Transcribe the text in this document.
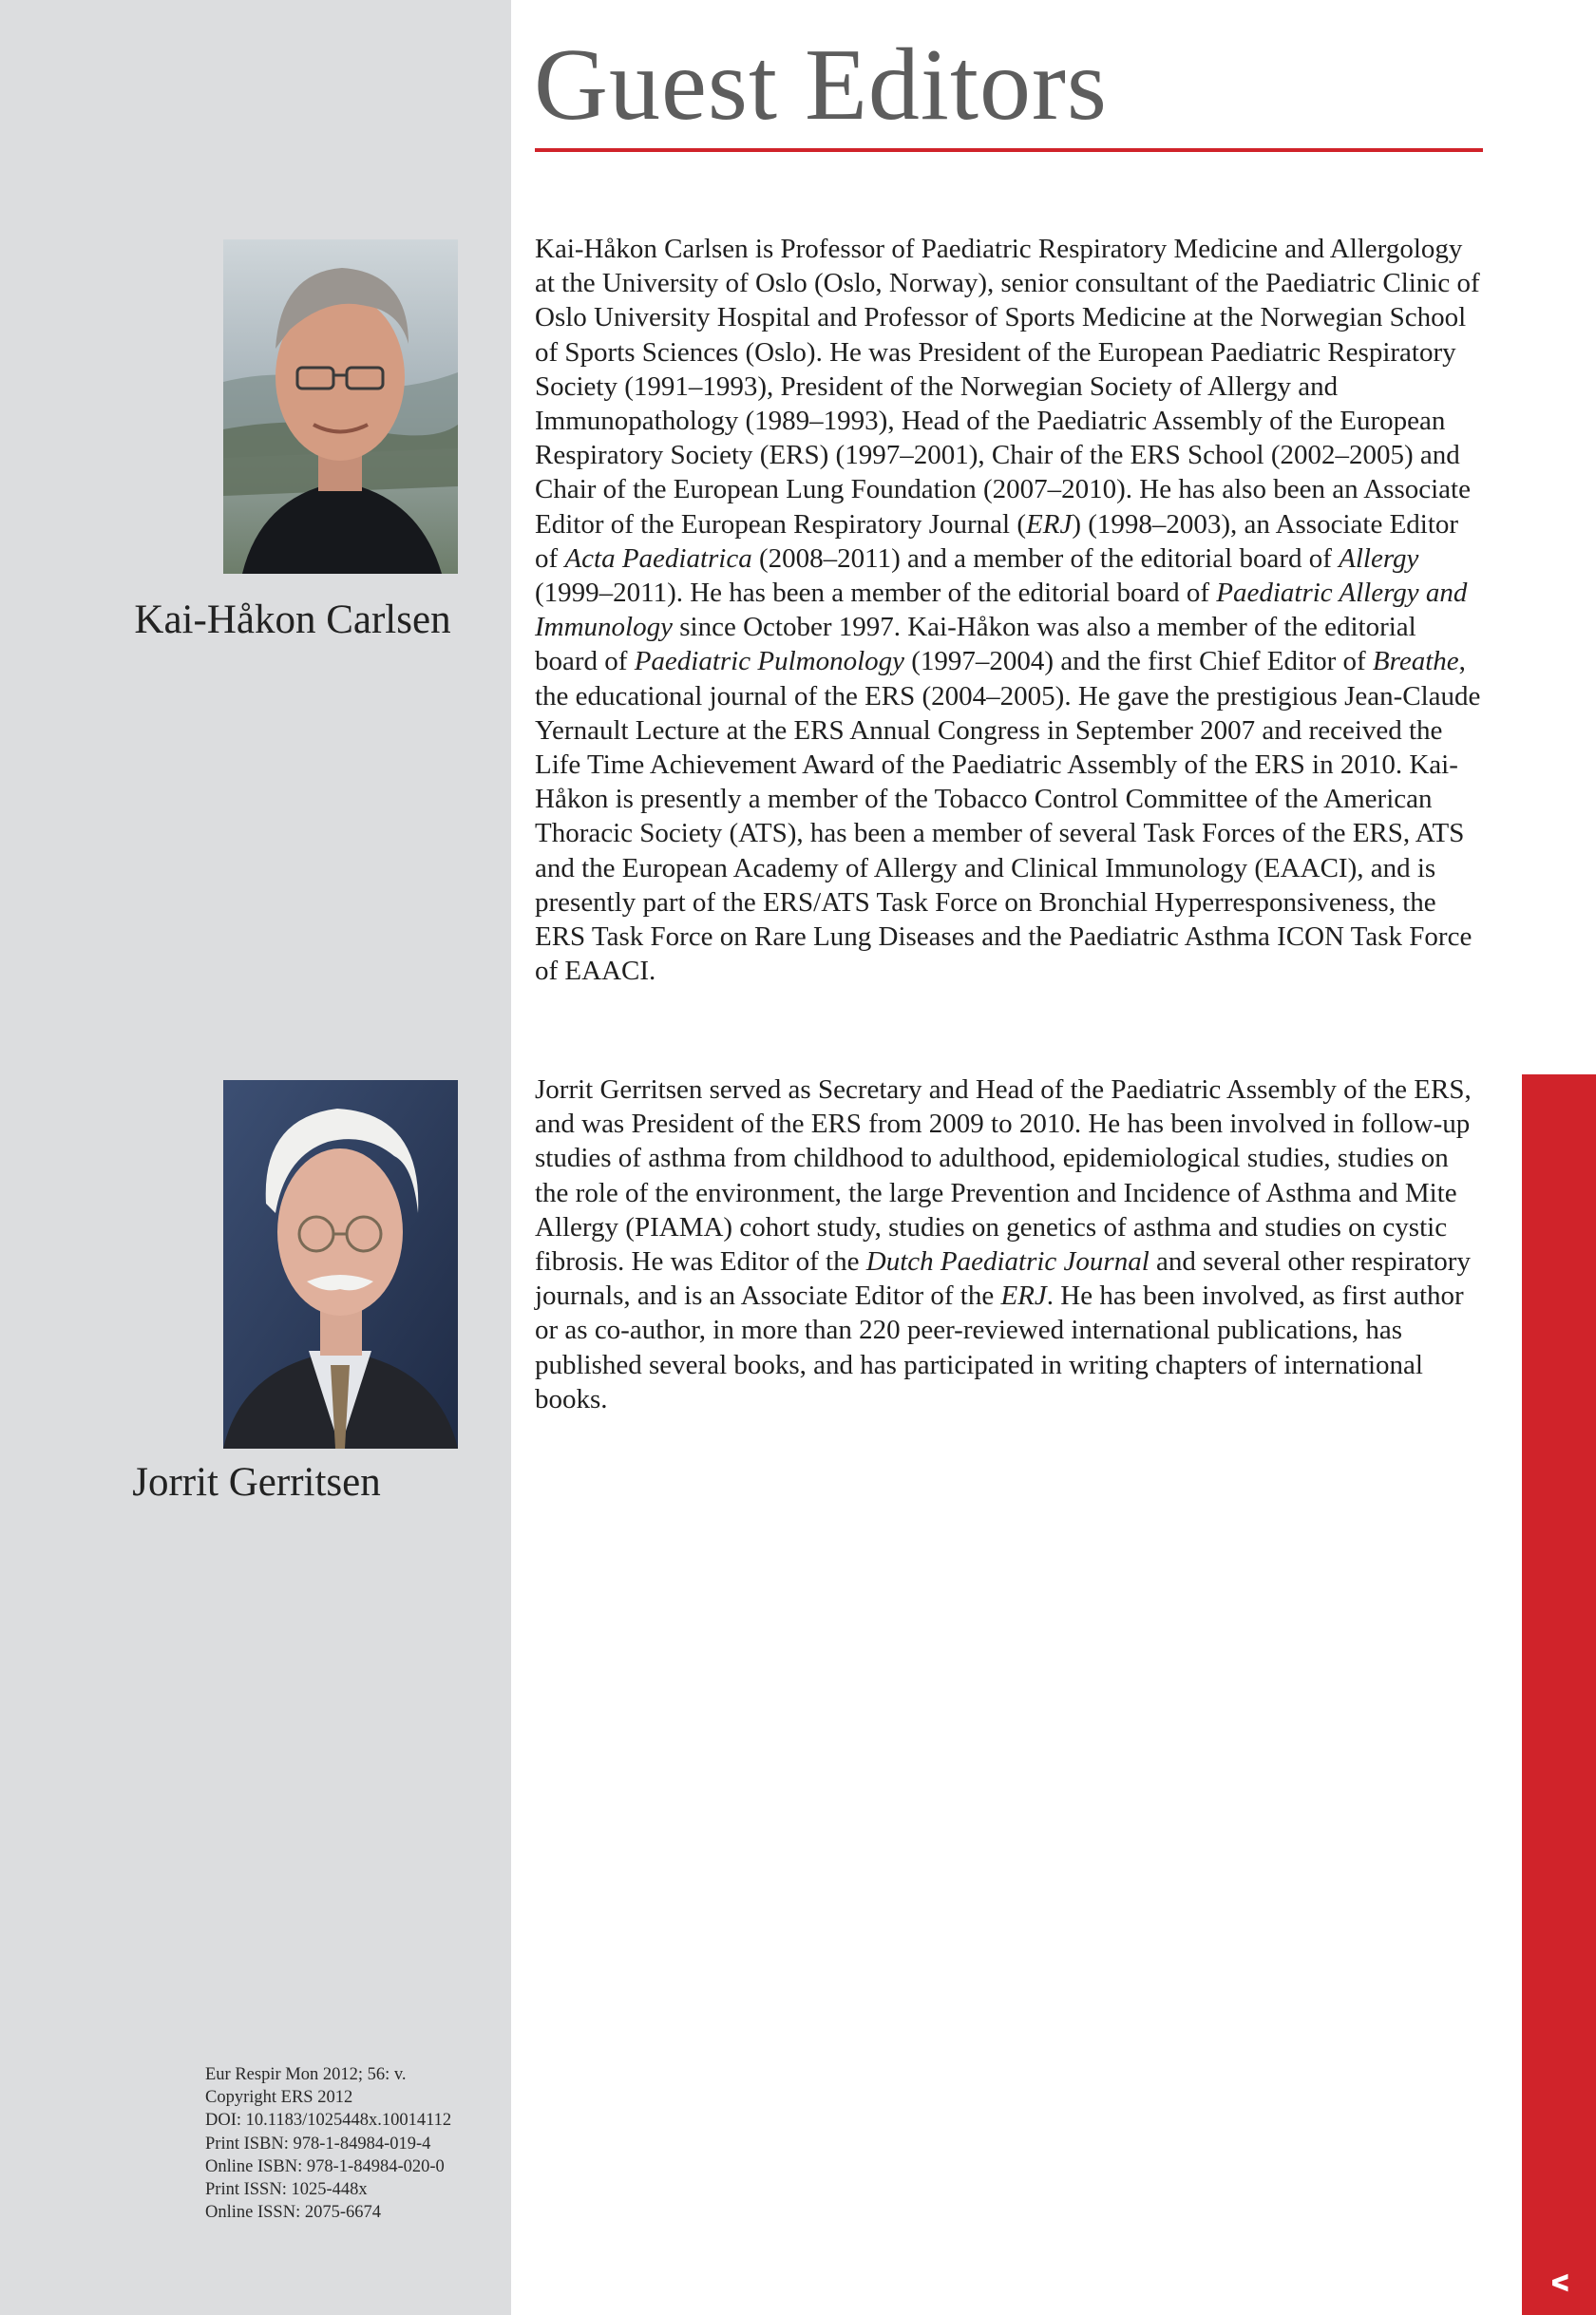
Guest Editors
Kai-Håkon Carlsen

Kai-Håkon Carlsen is Professor of Paediatric Respiratory Medicine and Allergology at the University of Oslo (Oslo, Norway), senior consultant of the Paediatric Clinic of Oslo University Hospital and Professor of Sports Medicine at the Norwegian School of Sports Sciences (Oslo). He was President of the European Paediatric Respiratory Society (1991–1993), President of the Norwegian Society of Allergy and Immunopathology (1989–1993), Head of the Paediatric Assembly of the European Respiratory Society (ERS) (1997–2001), Chair of the ERS School (2002–2005) and Chair of the European Lung Foundation (2007–2010). He has also been an Associate Editor of the European Respiratory Journal (ERJ) (1998–2003), an Associate Editor of Acta Paediatrica (2008–2011) and a member of the editorial board of Allergy (1999–2011). He has been a member of the editorial board of Paediatric Allergy and Immunology since October 1997. Kai-Håkon was also a member of the editorial board of Paediatric Pulmonology (1997–2004) and the first Chief Editor of Breathe, the educational journal of the ERS (2004–2005). He gave the prestigious Jean-Claude Yernault Lecture at the ERS Annual Congress in September 2007 and received the Life Time Achievement Award of the Paediatric Assembly of the ERS in 2010. Kai-Håkon is presently a member of the Tobacco Control Committee of the American Thoracic Society (ATS), has been a member of several Task Forces of the ERS, ATS and the European Academy of Allergy and Clinical Immunology (EAACI), and is presently part of the ERS/ATS Task Force on Bronchial Hyperresponsiveness, the ERS Task Force on Rare Lung Diseases and the Paediatric Asthma ICON Task Force of EAACI.

Jorrit Gerritsen

Jorrit Gerritsen served as Secretary and Head of the Paediatric Assembly of the ERS, and was President of the ERS from 2009 to 2010. He has been involved in follow-up studies of asthma from childhood to adulthood, epidemiological studies, studies on the role of the environment, the large Prevention and Incidence of Asthma and Mite Allergy (PIAMA) cohort study, studies on genetics of asthma and studies on cystic fibrosis. He was Editor of the Dutch Paediatric Journal and several other respiratory journals, and is an Associate Editor of the ERJ. He has been involved, as first author or as co-author, in more than 220 peer-reviewed international publications, has published several books, and has participated in writing chapters of international books.

Eur Respir Mon 2012; 56: v.
Copyright ERS 2012
DOI: 10.1183/1025448x.10014112
Print ISBN: 978-1-84984-019-4
Online ISBN: 978-1-84984-020-0
Print ISSN: 1025-448x
Online ISSN: 2075-6674
v
